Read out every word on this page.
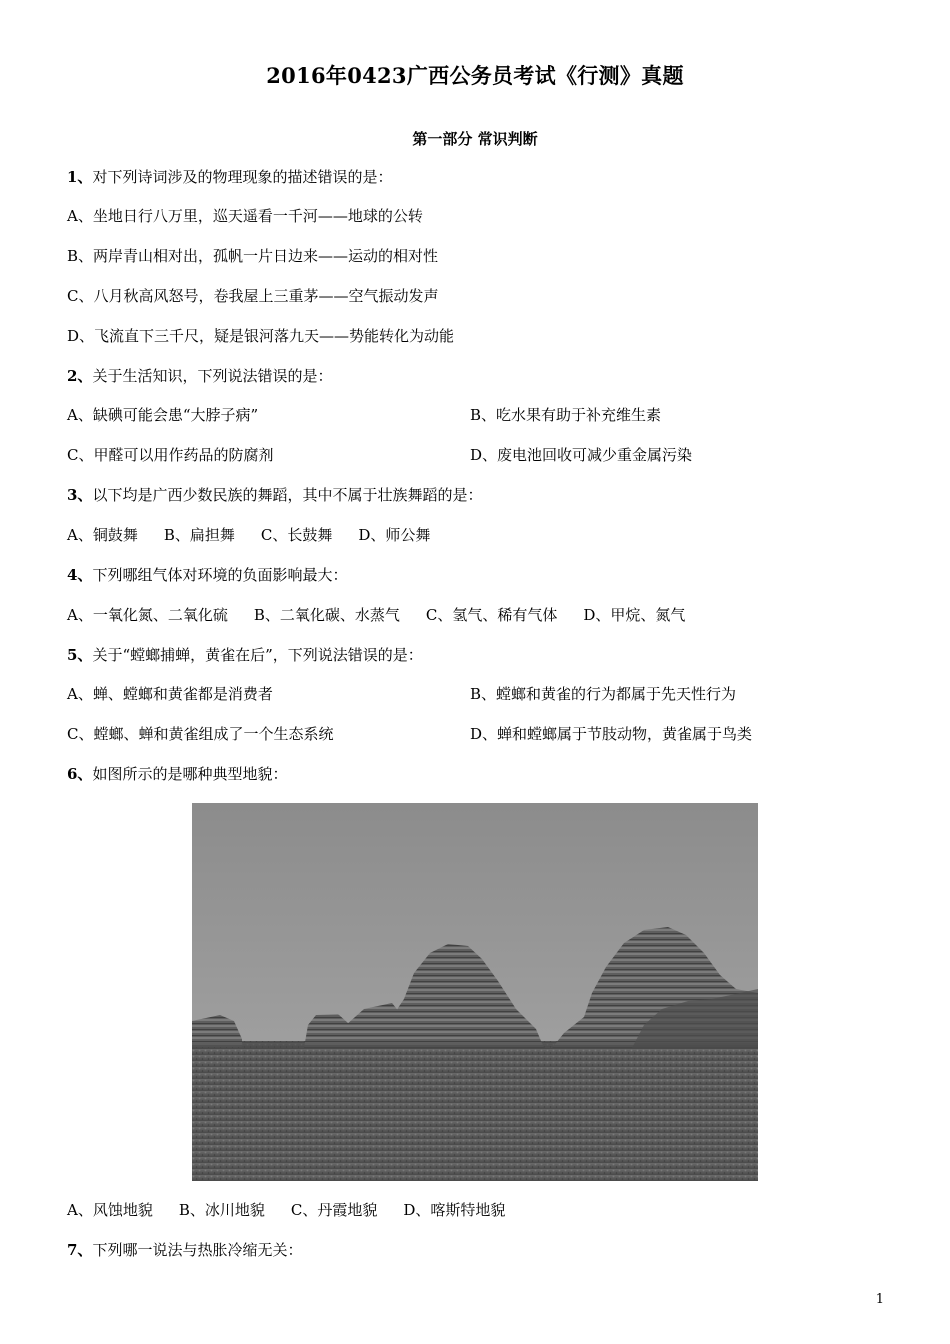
2016年0423广西公务员考试《行测》真题
第一部分 常识判断
1、对下列诗词涉及的物理现象的描述错误的是：
A、坐地日行八万里，巡天遥看一千河——地球的公转
B、两岸青山相对出，孤帆一片日边来——运动的相对性
C、八月秋高风怒号，卷我屋上三重茅——空气振动发声
D、飞流直下三千尺，疑是银河落九天——势能转化为动能
2、关于生活知识，下列说法错误的是：
A、缺碘可能会患“大脖子病”	B、吃水果有助于补充维生素
C、甲醛可以用作药品的防腐剂	D、废电池回收可减少重金属污染
3、以下均是广西少数民族的舞蹈，其中不属于壮族舞蹈的是：
A、铜鼓舞 B、扁担舞 C、长鼓舞 D、师公舞
4、下列哪组气体对环境的负面影响最大：
A、一氧化氮、二氧化硫 B、二氧化碳、水蒸气 C、氢气、稀有气体 D、甲烷、氮气
5、关于“螳螂捕蝉，黄雀在后”，下列说法错误的是：
A、蝉、螳螂和黄雀都是消费者	B、螳螂和黄雀的行为都属于先天性行为
C、螳螂、蝉和黄雀组成了一个生态系统	D、蝉和螳螂属于节肢动物，黄雀属于鸟类
6、如图所示的是哪种典型地貌：
A、风蚀地貌 B、冰川地貌 C、丹霞地貌 D、喀斯特地貌
7、下列哪一说法与热胀冷缩无关：
1
